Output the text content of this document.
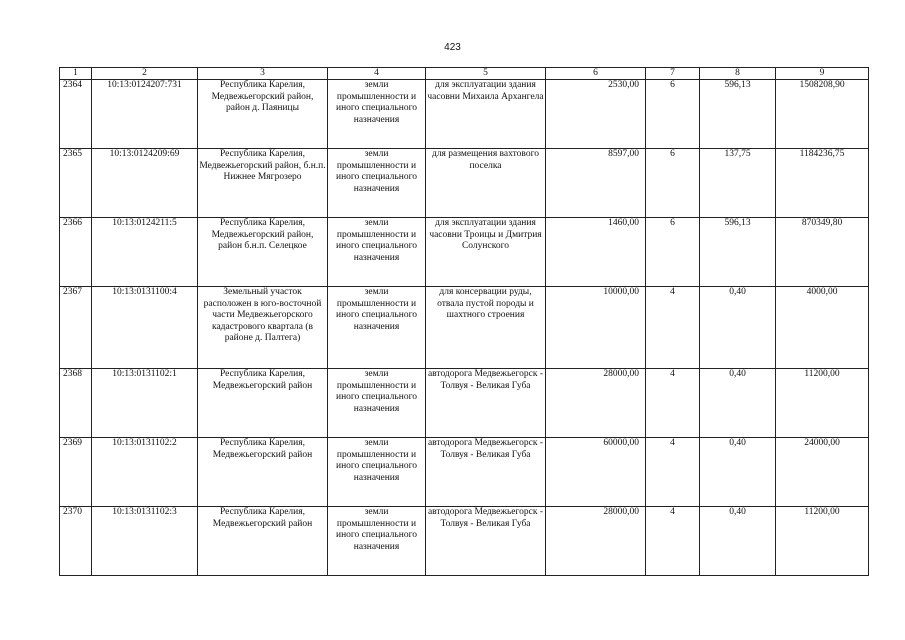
423
1	2	3	4	5	6	7	8	9
2364	10:13:0124207:731	Республика Карелия, Медвежьегорский район, район д. Паяницы	земли промышленности и иного специального назначения	для эксплуатации здания часовни Михаила Архангела	2530,00	6	596,13	1508208,90
2365	10:13:0124209:69	Республика Карелия, Медвежьегорский район, б.н.п. Нижнее Мягрозеро	земли промышленности и иного специального назначения	для размещения вахтового поселка	8597,00	6	137,75	1184236,75
2366	10:13:0124211:5	Республика Карелия, Медвежьегорский район, район б.н.п. Селецкое	земли промышленности и иного специального назначения	для эксплуатации здания часовни Троицы и Дмитрия Солунского	1460,00	6	596,13	870349,80
2367	10:13:0131100:4	Земельный участок расположен в юго-восточной части Медвежьегорского кадастрового квартала (в районе д. Палтега)	земли промышленности и иного специального назначения	для консервации руды, отвала пустой породы и шахтного строения	10000,00	4	0,40	4000,00
2368	10:13:0131102:1	Республика Карелия, Медвежьегорский район	земли промышленности и иного специального назначения	автодорога Медвежьегорск - Толвуя - Великая Губа	28000,00	4	0,40	11200,00
2369	10:13:0131102:2	Республика Карелия, Медвежьегорский район	земли промышленности и иного специального назначения	автодорога Медвежьегорск - Толвуя - Великая Губа	60000,00	4	0,40	24000,00
2370	10:13:0131102:3	Республика Карелия, Медвежьегорский район	земли промышленности и иного специального назначения	автодорога Медвежьегорск - Толвуя - Великая Губа	28000,00	4	0,40	11200,00
